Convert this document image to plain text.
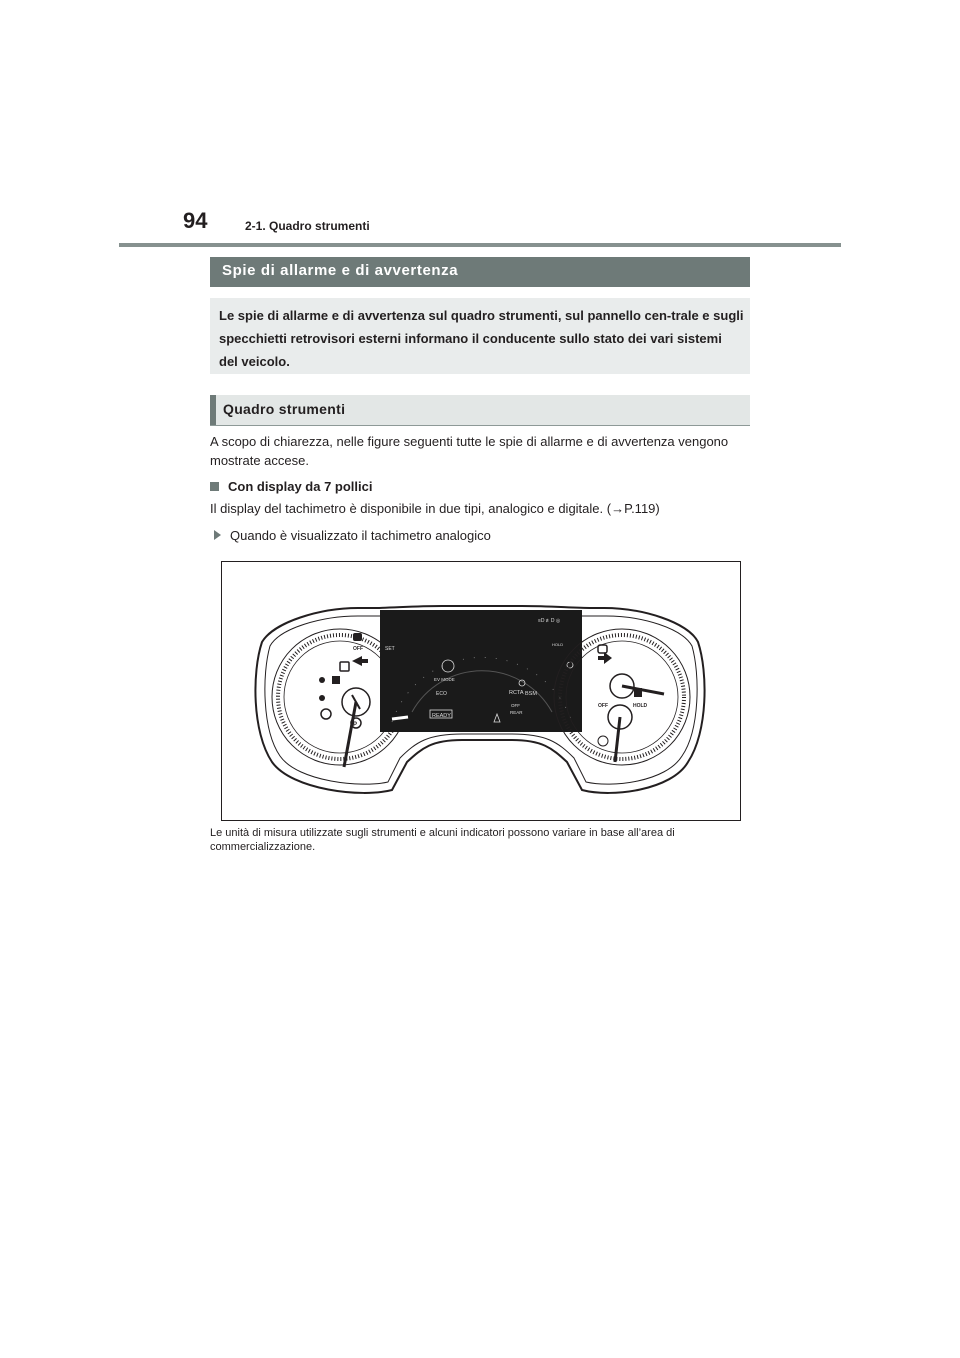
94	2-1. Quadro strumenti
Spie di allarme e di avvertenza

Le spie di allarme e di avvertenza sul quadro strumenti, sul pannello cen-trale e sugli specchietti retrovisori esterni informano il conducente sullo stato dei vari sistemi del veicolo.

Quadro strumenti
A scopo di chiarezza, nelle figure seguenti tutte le spie di allarme e di avvertenza vengono mostrate accese.
Con display da 7 pollici
Il display del tachimetro è disponibile in due tipi, analogico e digitale. (→P.119)
Quando è visualizzato il tachimetro analogico
OFF
P
SET
EV MODE
ECO
READY
RCTA BSM
OFF
REAR
HOLD
≡D ≢D ◎
HOLD
OFF
Le unità di misura utilizzate sugli strumenti e alcuni indicatori possono variare in base all’area di commercializzazione.
